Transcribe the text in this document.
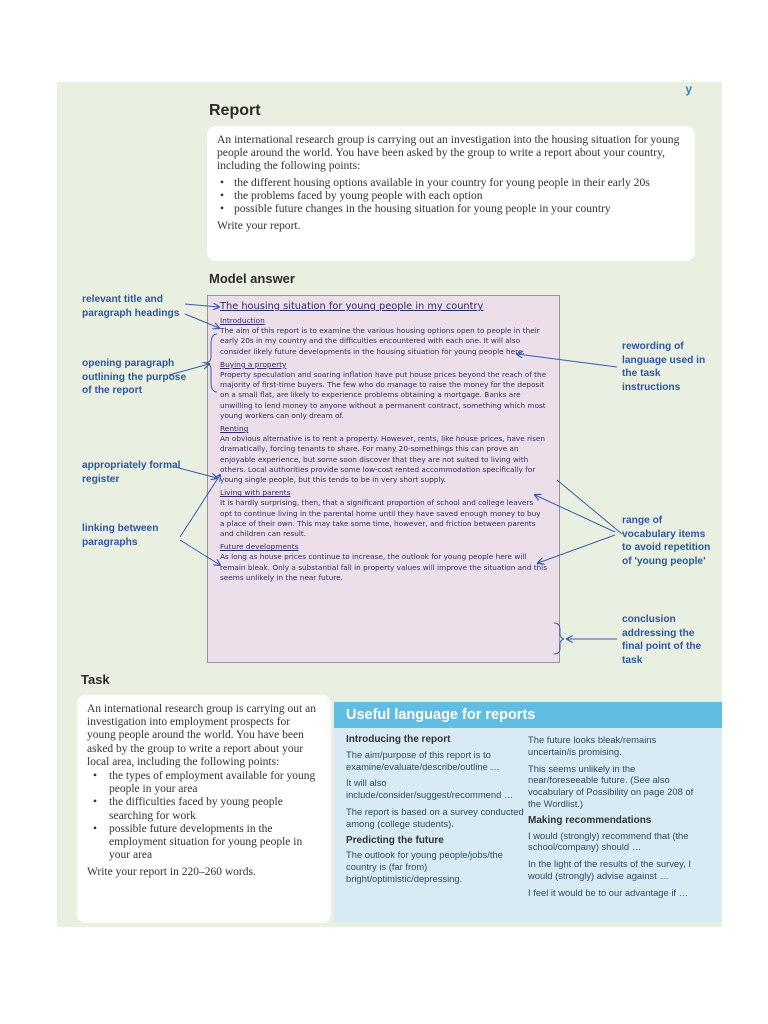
y
Report

An international research group is carrying out an investigation into the housing situation for young people around the world. You have been asked by the group to write a report about your country, including the following points:

• the different housing options available in your country for young people in their early 20s
• the problems faced by young people with each option
• possible future changes in the housing situation for young people in your country

Write your report.

Model answer
The housing situation for young people in my country
Introduction
The aim of this report is to examine the various housing options open to people in their early 20s in my country and the difficulties encountered with each one. It will also consider likely future developments in the housing situation for young people here.
Buying a property
Property speculation and soaring inflation have put house prices beyond the reach of the majority of first-time buyers. The few who do manage to raise the money for the deposit on a small flat, are likely to experience problems obtaining a mortgage. Banks are unwilling to lend money to anyone without a permanent contract, something which most young workers can only dream of.
Renting
An obvious alternative is to rent a property. However, rents, like house prices, have risen dramatically, forcing tenants to share. For many 20-somethings this can prove an enjoyable experience, but some soon discover that they are not suited to living with others. Local authorities provide some low-cost rented accommodation specifically for young single people, but this tends to be in very short supply.
Living with parents
It is hardly surprising, then, that a significant proportion of school and college leavers opt to continue living in the parental home until they have saved enough money to buy a place of their own. This may take some time, however, and friction between parents and children can result.
Future developments
As long as house prices continue to increase, the outlook for young people here will remain bleak. Only a substantial fall in property values will improve the situation and this seems unlikely in the near future.
relevant title and paragraph headings
opening paragraph outlining the purpose of the report
appropriately formal register
linking between paragraphs
rewording of language used in the task instructions
range of vocabulary items to avoid repetition of 'young people'
conclusion addressing the final point of the task
Task

An international research group is carrying out an investigation into employment prospects for young people around the world. You have been asked by the group to write a report about your local area, including the following points:

• the types of employment available for young people in your area
• the difficulties faced by young people searching for work
• possible future developments in the employment situation for young people in your area

Write your report in 220–260 words.

Useful language for reports
Introducing the report
The aim/purpose of this report is to examine/evaluate/describe/outline …
It will also include/consider/suggest/recommend …
The report is based on a survey conducted among (college students).
Predicting the future
The outlook for young people/jobs/the country is (far from) bright/optimistic/depressing.
The future looks bleak/remains uncertain/is promising.
This seems unlikely in the near/foreseeable future. (See also vocabulary of Possibility on page 208 of the Wordlist.)
Making recommendations
I would (strongly) recommend that (the school/company) should …
In the light of the results of the survey, I would (strongly) advise against …
I feel it would be to our advantage if …
